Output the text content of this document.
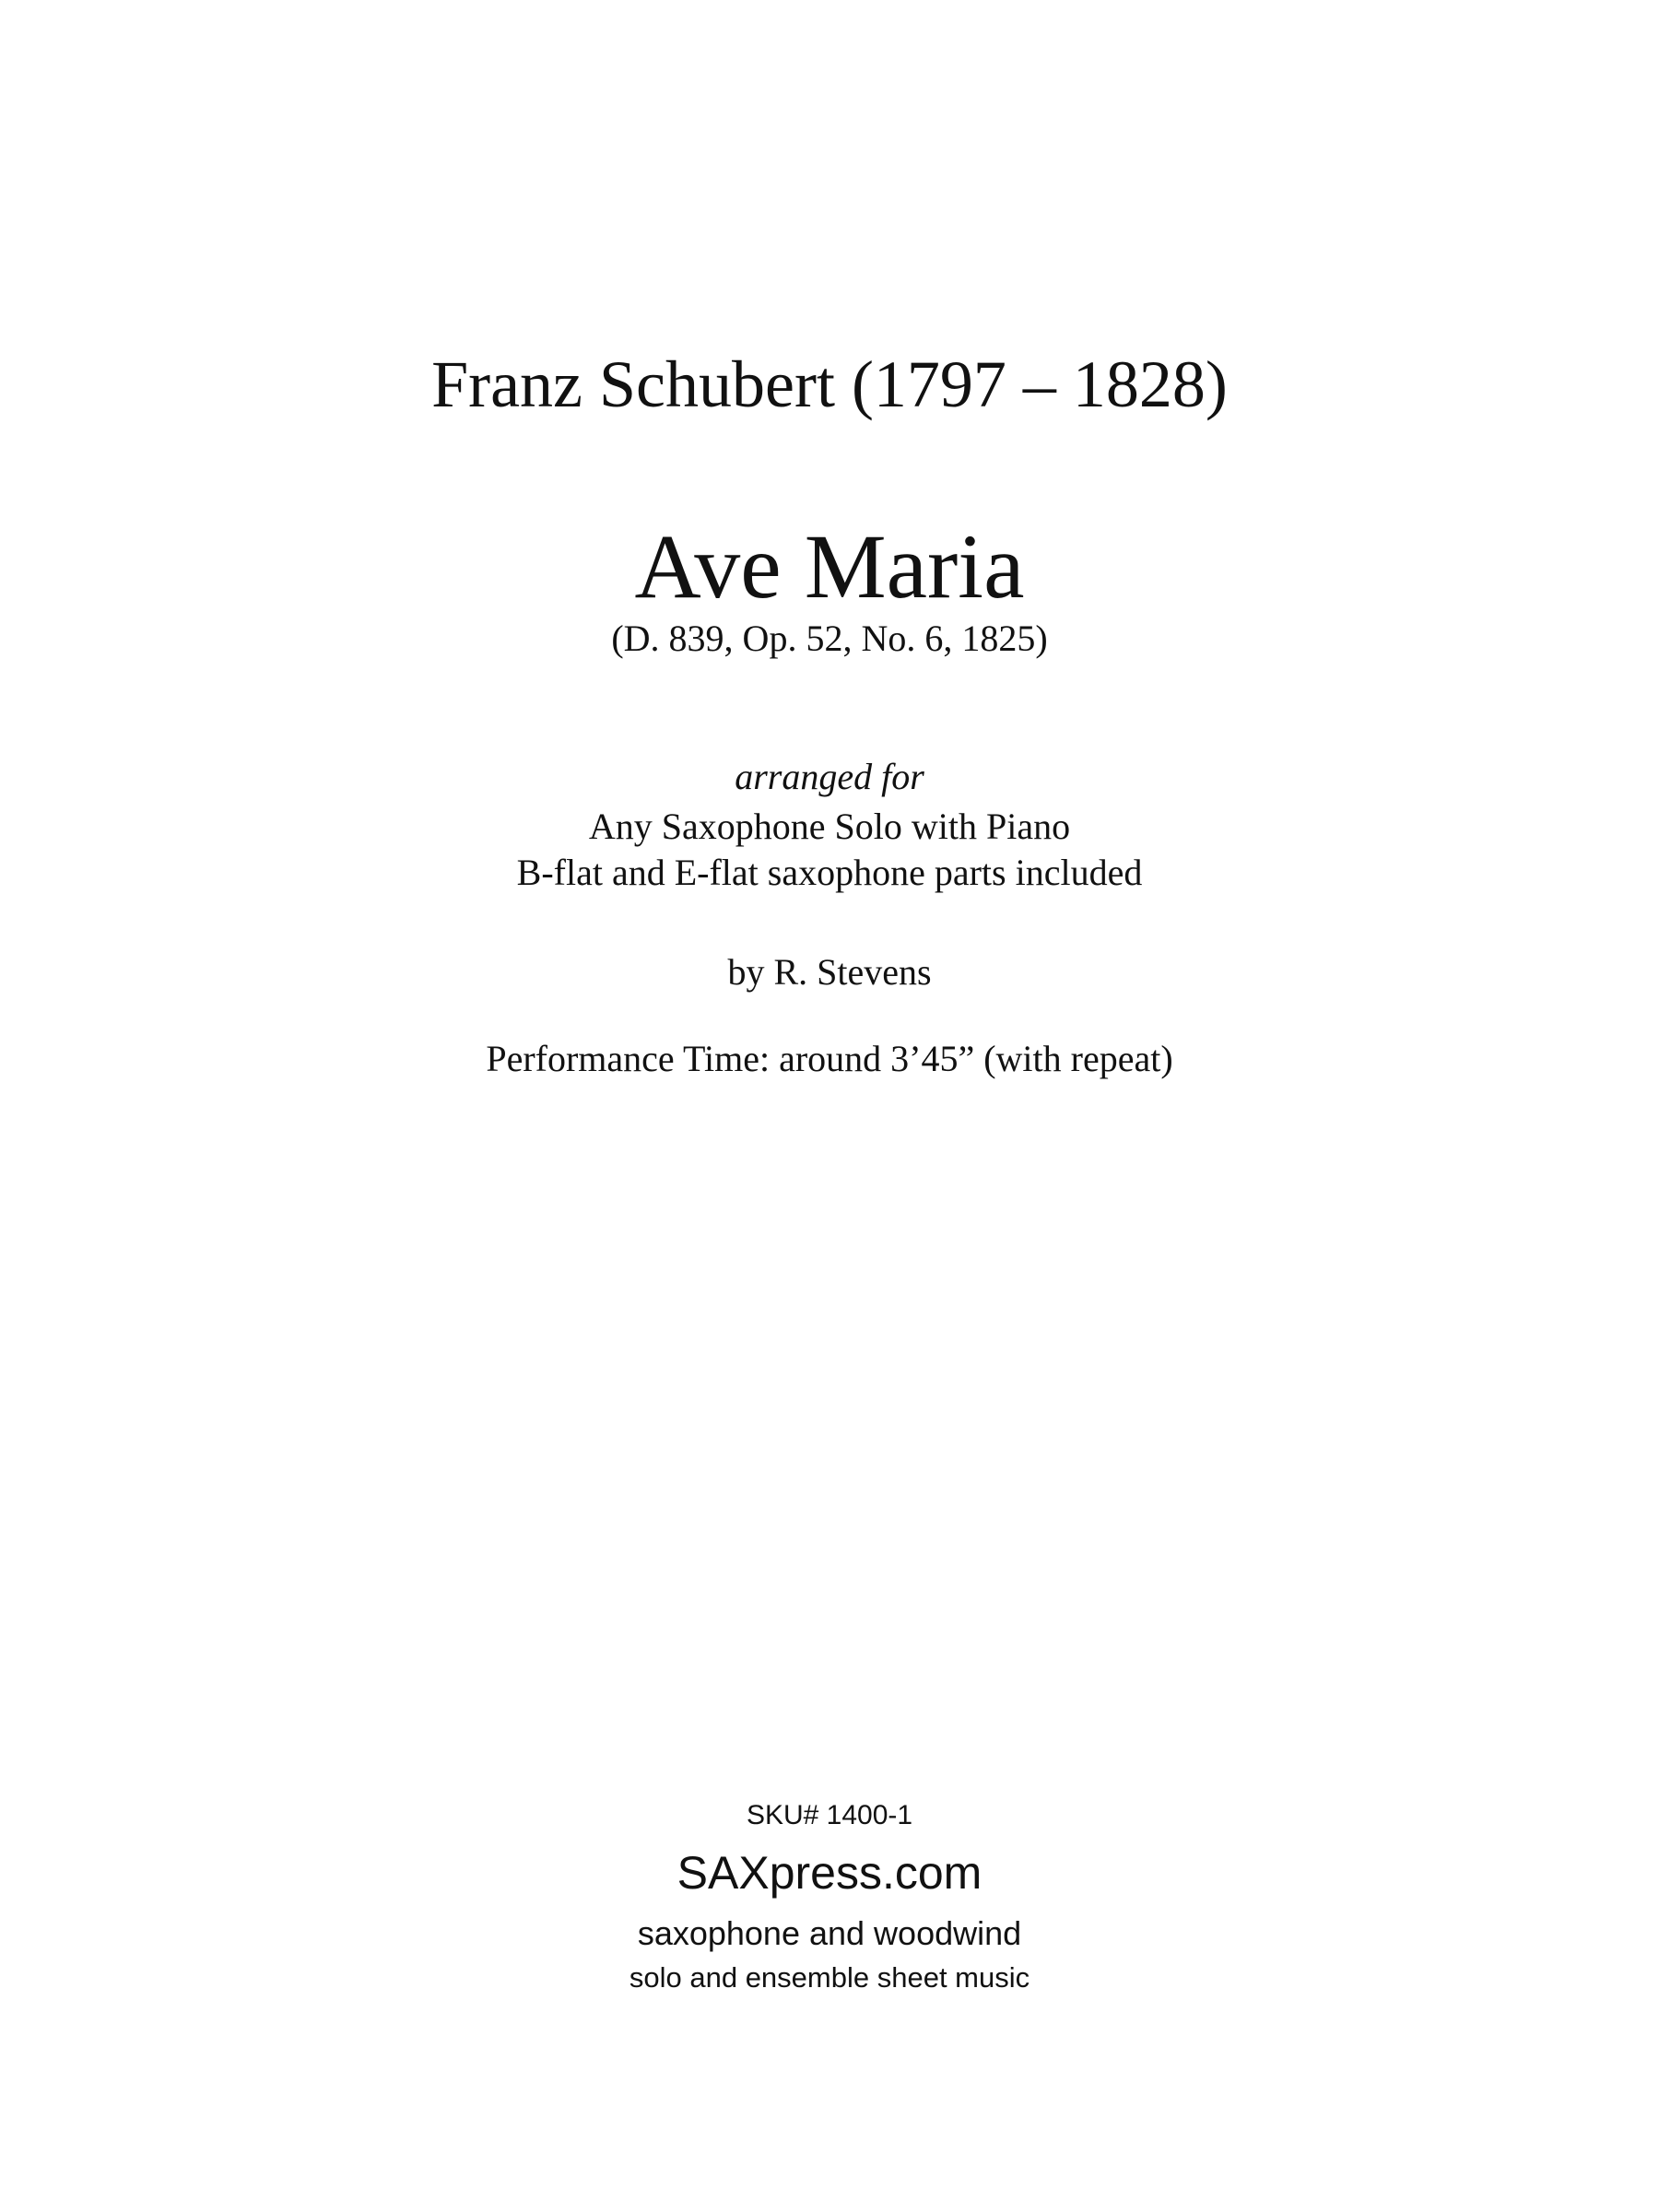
Franz Schubert (1797 – 1828)
Ave Maria
(D. 839, Op. 52, No. 6, 1825)
arranged for
Any Saxophone Solo with Piano
B-flat and E-flat saxophone parts included
by R. Stevens
Performance Time: around 3’45” (with repeat)
SKU# 1400-1
SAXpress.com
saxophone and woodwind
solo and ensemble sheet music
